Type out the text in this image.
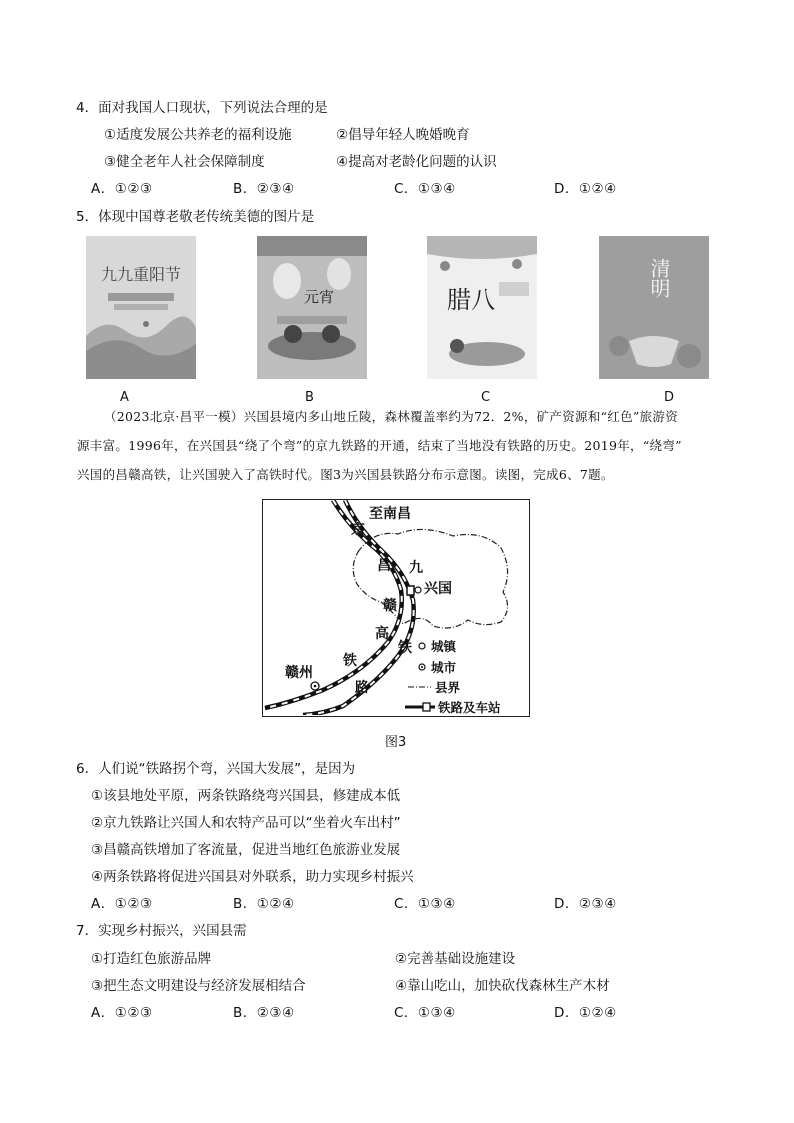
4．面对我国人口现状，下列说法合理的是
①适度发展公共养老的福利设施	②倡导年轻人晚婚晚育
③健全老年人社会保障制度	④提高对老龄化问题的认识
A．①②③	B．②③④	C．①③④	D．①②④
5．体现中国尊老敬老传统美德的图片是
九九重阳节
A
元宵
B
腊八
C
清明
D
（2023北京·昌平一模）兴国县境内多山地丘陵，森林覆盖率约为72．2%，矿产资源和“红色”旅游资
源丰富。1996年，在兴国县“绕了个弯”的京九铁路的开通，结束了当地没有铁路的历史。2019年，“绕弯”
兴国的昌赣高铁，让兴国驶入了高铁时代。图3为兴国县铁路分布示意图。读图，完成6、7题。
至南昌
京
昌 九
兴国
赣
高
铁
铁
路
赣州
城镇
城市
县界
铁路及车站
图3
6．人们说“铁路拐个弯，兴国大发展”，是因为
①该县地处平原，两条铁路绕弯兴国县，修建成本低
②京九铁路让兴国人和农特产品可以“坐着火车出村”
③昌赣高铁增加了客流量，促进当地红色旅游业发展
④两条铁路将促进兴国县对外联系，助力实现乡村振兴
A．①②③	B．①②④	C．①③④	D．②③④
7．实现乡村振兴，兴国县需
①打造红色旅游品牌	②完善基础设施建设
③把生态文明建设与经济发展相结合	④靠山吃山，加快砍伐森林生产木材
A．①②③	B．②③④	C．①③④	D．①②④
